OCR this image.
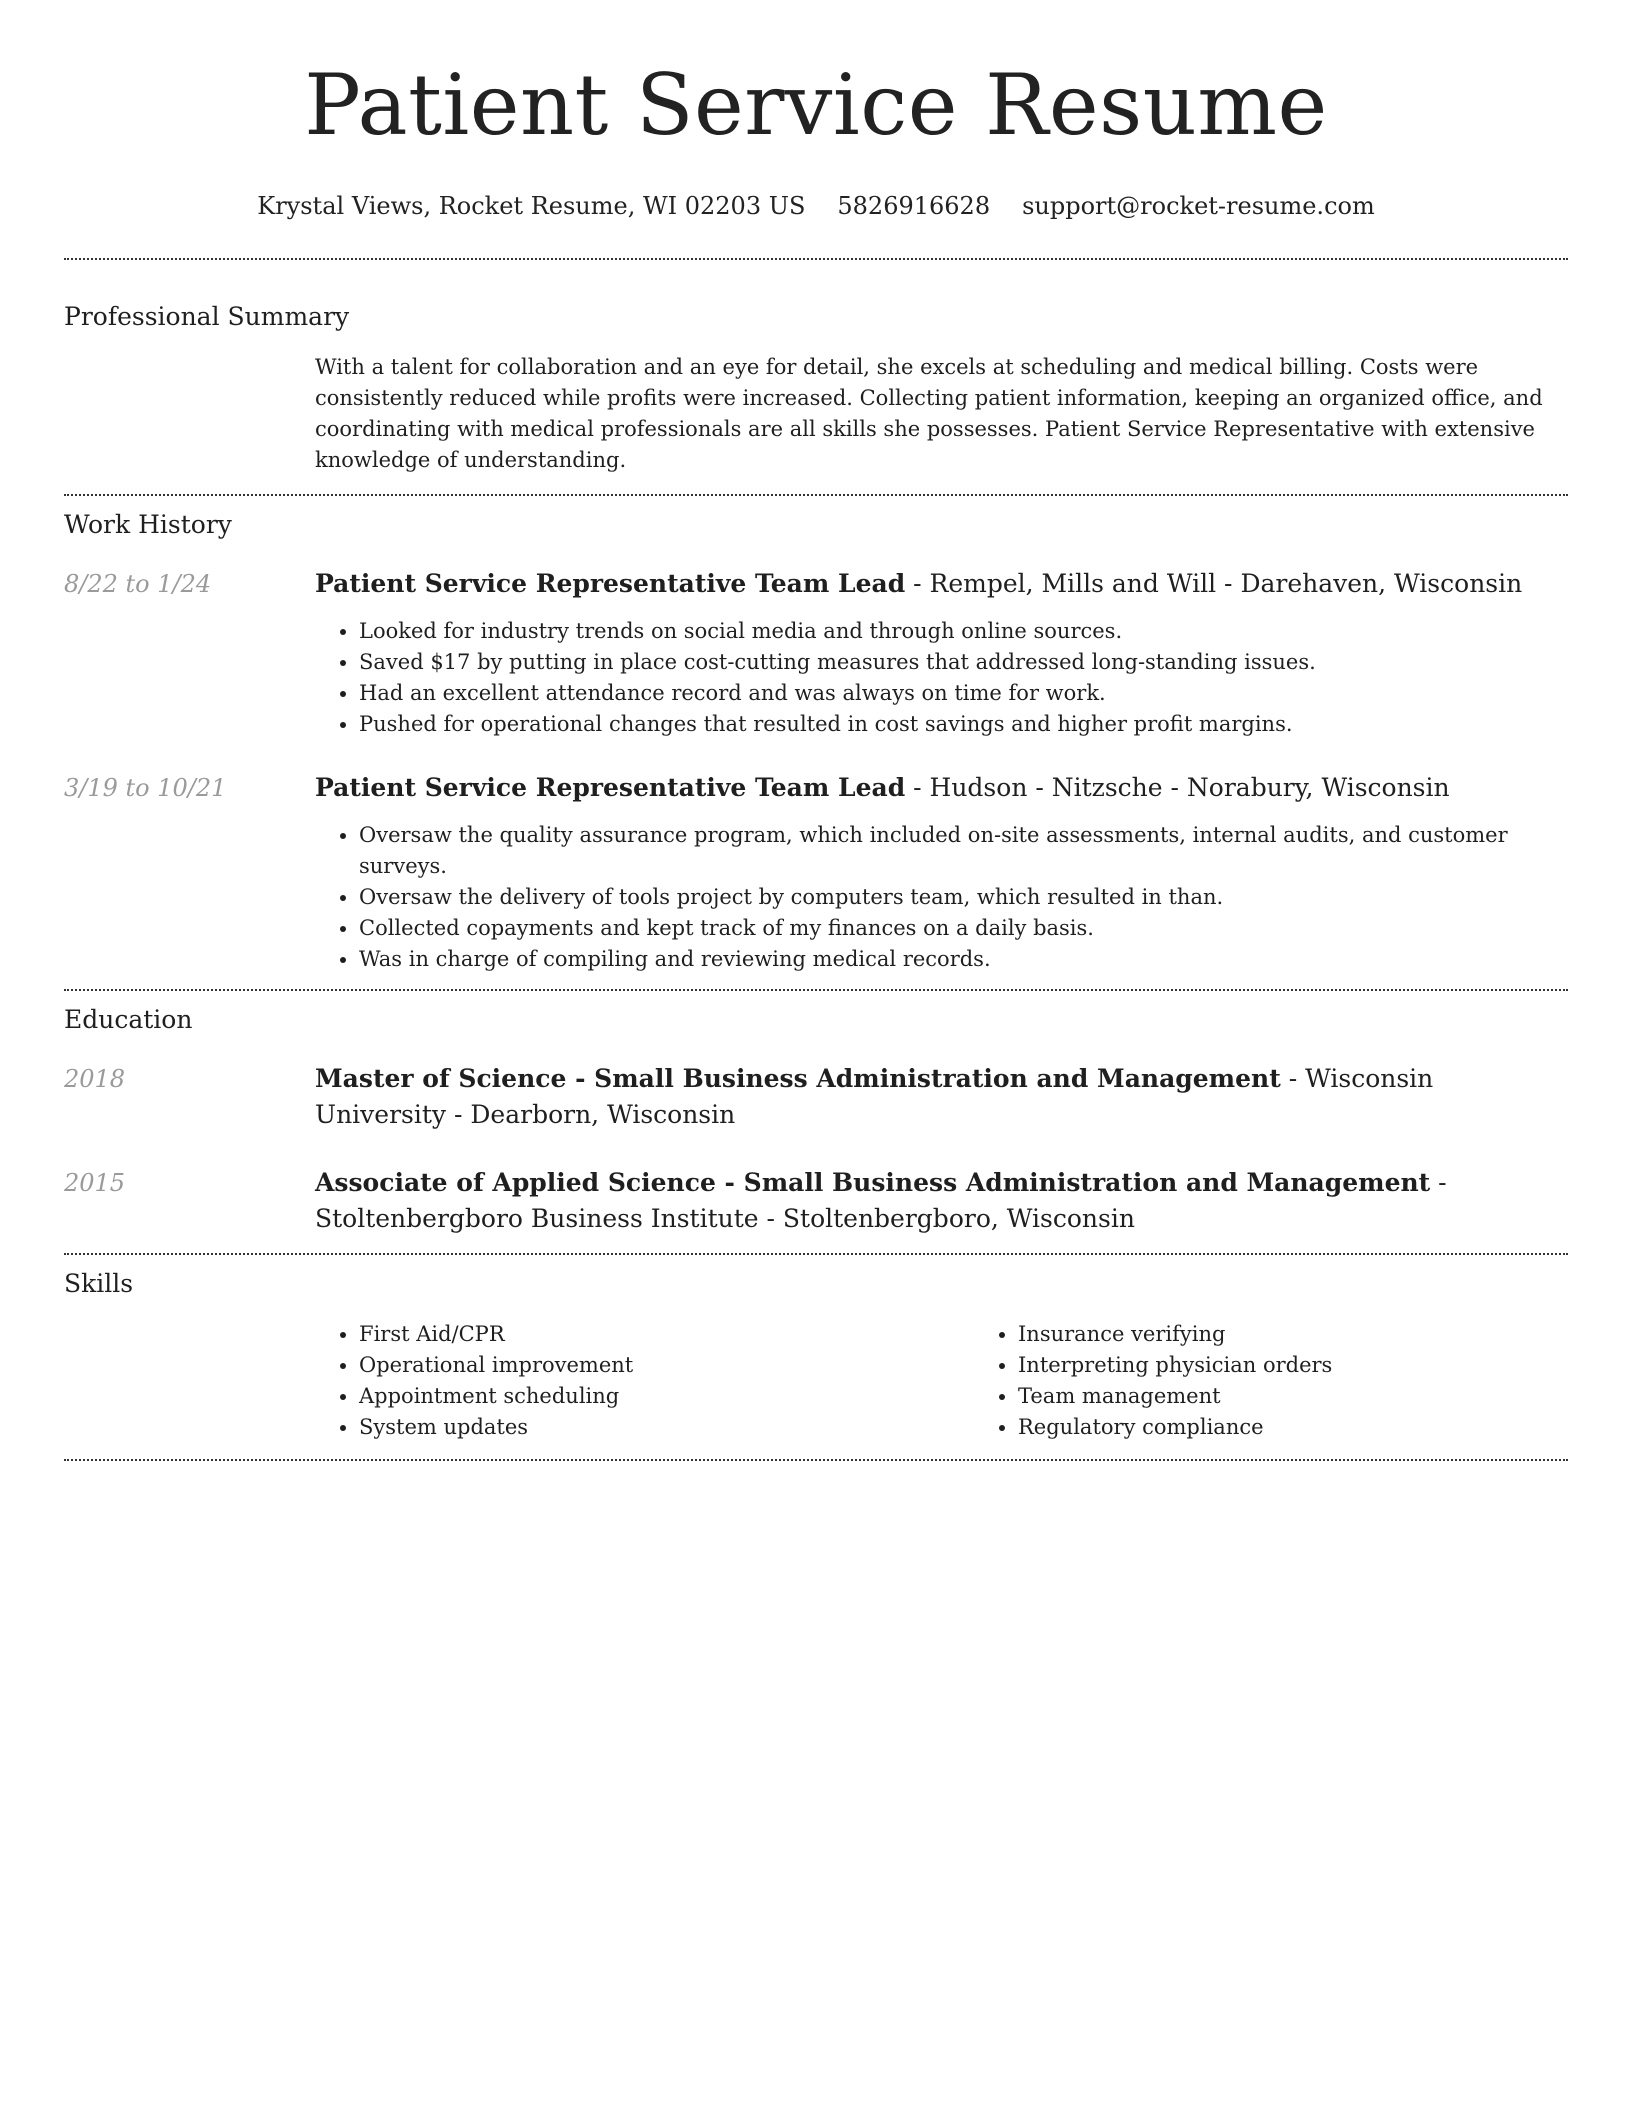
Patient Service Resume
Krystal Views, Rocket Resume, WI 02203 US 5826916628 support@rocket-resume.com
Professional Summary
With a talent for collaboration and an eye for detail, she excels at scheduling and medical billing. Costs were consistently reduced while profits were increased. Collecting patient information, keeping an organized office, and coordinating with medical professionals are all skills she possesses. Patient Service Representative with extensive knowledge of understanding.
Work History
8/22 to 1/24	Patient Service Representative Team Lead - Rempel, Mills and Will - Darehaven, Wisconsin
• Looked for industry trends on social media and through online sources.
• Saved $17 by putting in place cost-cutting measures that addressed long-standing issues.
• Had an excellent attendance record and was always on time for work.
• Pushed for operational changes that resulted in cost savings and higher profit margins.
3/19 to 10/21	Patient Service Representative Team Lead - Hudson - Nitzsche - Norabury, Wisconsin
• Oversaw the quality assurance program, which included on-site assessments, internal audits, and customer surveys.
• Oversaw the delivery of tools project by computers team, which resulted in than.
• Collected copayments and kept track of my finances on a daily basis.
• Was in charge of compiling and reviewing medical records.
Education
2018	Master of Science - Small Business Administration and Management - Wisconsin University - Dearborn, Wisconsin
2015	Associate of Applied Science - Small Business Administration and Management - Stoltenbergboro Business Institute - Stoltenbergboro, Wisconsin
Skills
• First Aid/CPR
• Operational improvement
• Appointment scheduling
• System updates
• Insurance verifying
• Interpreting physician orders
• Team management
• Regulatory compliance
